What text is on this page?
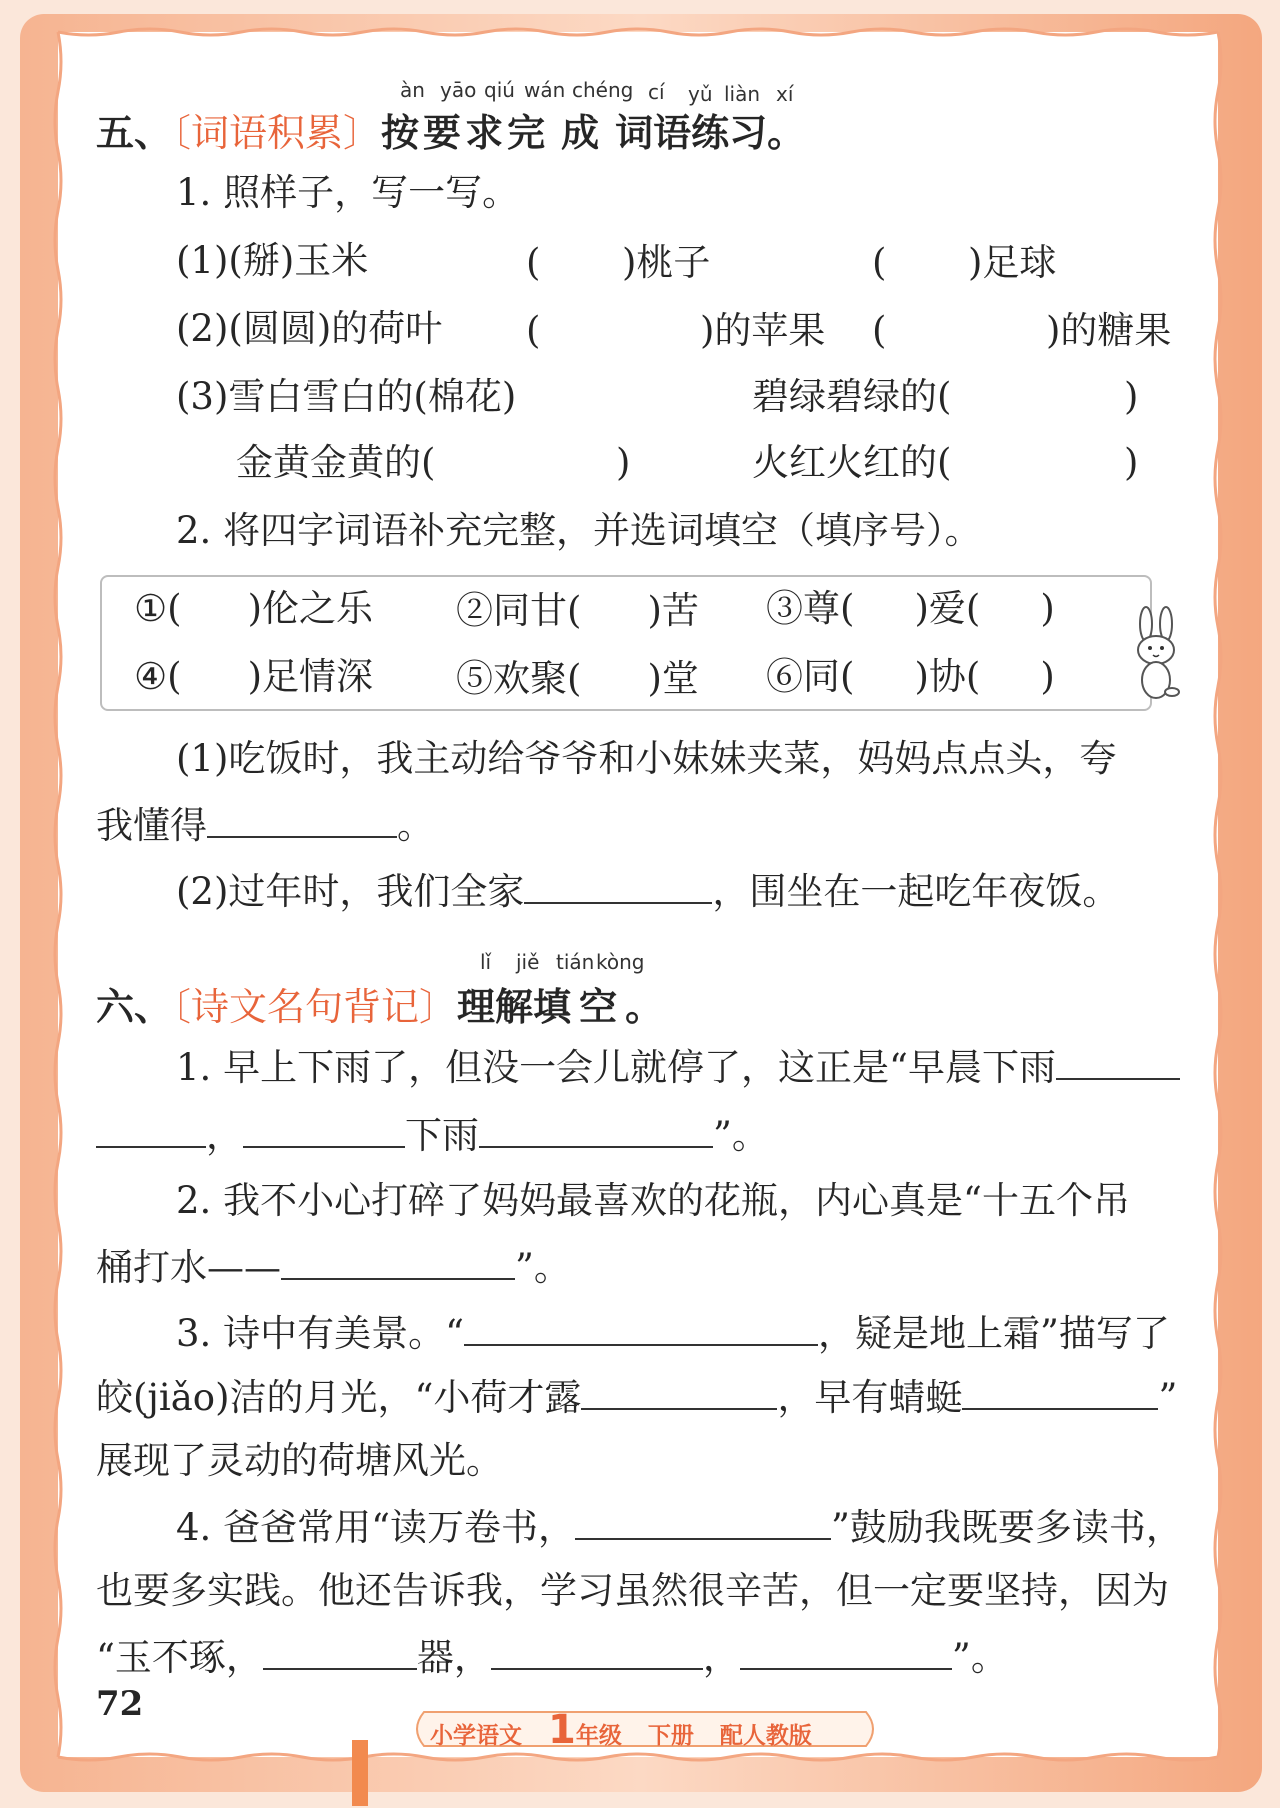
àn yāo qiú wán chéng cí yǔ liàn xí
五、〔词语积累〕按 要 求 完 成 词语练习。
1. 照样子，写一写。
(1)(掰)玉米	( )桃子	( )足球
(2)(圆圆)的荷叶 (	)的苹果 (	)的糖果
(3)雪白雪白的(棉花)	碧绿碧绿的(	)
金黄金黄的(	)	火红火红的(	)
2. 将四字词语补充完整，并选词填空（填序号）。
①( )伦之乐 ②同甘( )苦 ③尊( )爱( )
④( )足情深 ⑤欢聚( )堂 ⑥同( )协( )
(1)吃饭时，我主动给爷爷和小妹妹夹菜，妈妈点点头，夸
我懂得	。
(2)过年时，我们全家	，围坐在一起吃年夜饭。
lǐ jiě tián kòng
六、〔诗文名句背记〕理解填 空 。
1. 早上下雨了，但没一会儿就停了，这正是“早晨下雨
，	下雨	”。
2. 我不小心打碎了妈妈最喜欢的花瓶，内心真是“十五个吊
桶打水——	”。
3. 诗中有美景。“	，疑是地上霜”描写了
皎(jiǎo)洁的月光，“小荷才露	，早有蜻蜓	”
展现了灵动的荷塘风光。
4. 爸爸常用“读万卷书，	”鼓励我既要多读书，
也要多实践。他还告诉我，学习虽然很辛苦，但一定要坚持，因为
“玉不琢，	器，	，	”。
72
小学语文 1年级 下册 配人教版
